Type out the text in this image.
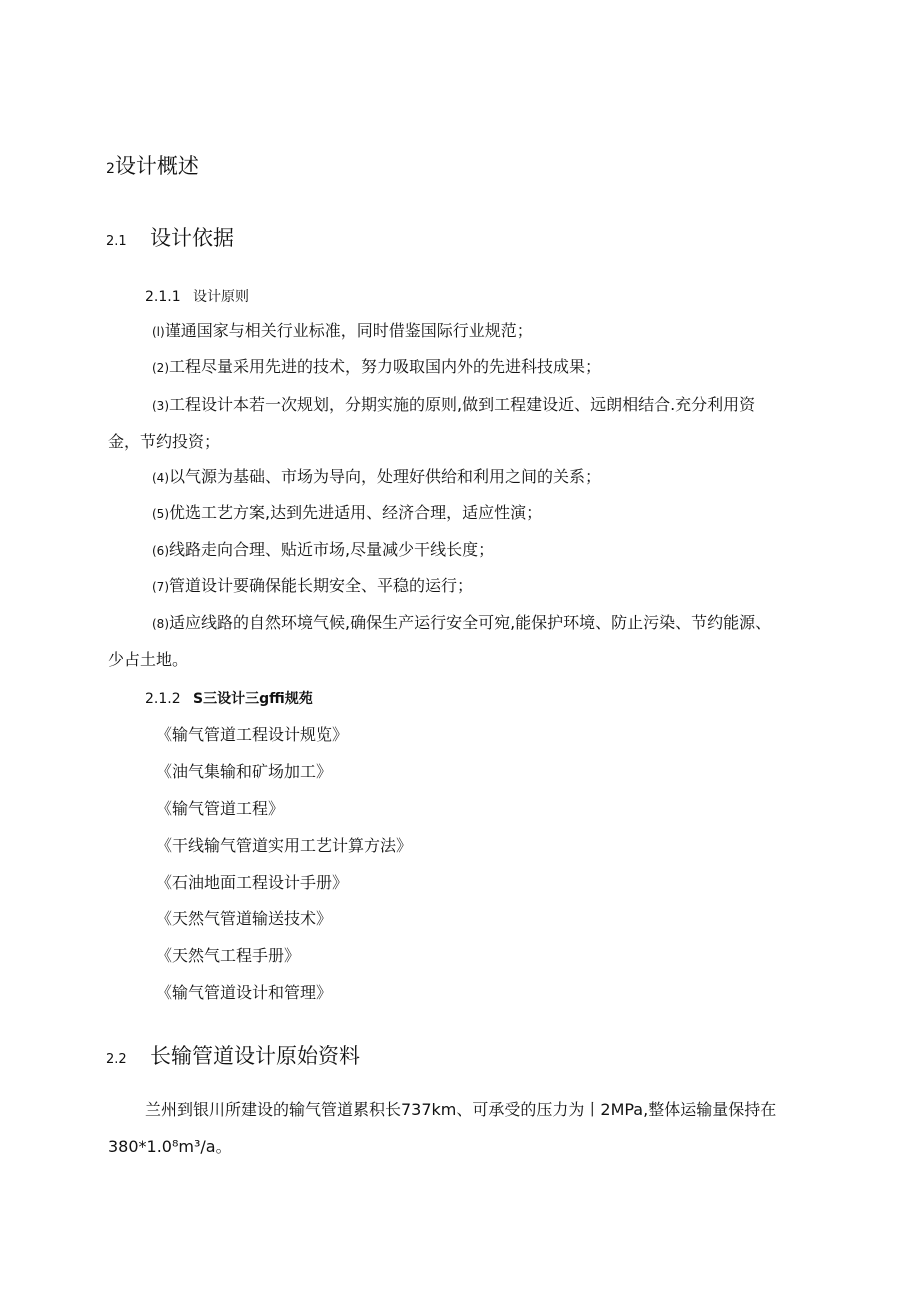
2设计概述
2.1 设计依据
2.1.1 设计原则
(l)谨通国家与相关行业标准，同时借鉴国际行业规范；
(2)工程尽量采用先进的技术，努力吸取国内外的先进科技成果；
(3)工程设计本若一次规划，分期实施的原则,做到工程建设近、远朗相结合.充分利用资
金，节约投资；
(4)以气源为基础、市场为导向，处理好供给和利用之间的关系；
(5)优选工艺方案,达到先进适用、经济合理，适应性演；
(6)线路走向合理、贴近市场,尽量减少干线长度；
(7)管道设计要确保能长期安全、平稳的运行；
(8)适应线路的自然环境气候,确保生产运行安全可宛,能保护环境、防止污染、节约能源、
少占土地。
2.1.2 S三设计三gffi规苑
《输气管道工程设计规览》
《油气集输和矿场加工》
《输气管道工程》
《干线输气管道实用工艺计算方法》
《石油地面工程设计手册》
《天然气管道输送技术》
《天然气工程手册》
《输气管道设计和管理》
2.2 长输管道设计原始资料
兰州到银川所建设的输气管道累积长737km、可承受的压力为丨2MPa,整体运输量保持在
380*1.0⁸m³/a。
